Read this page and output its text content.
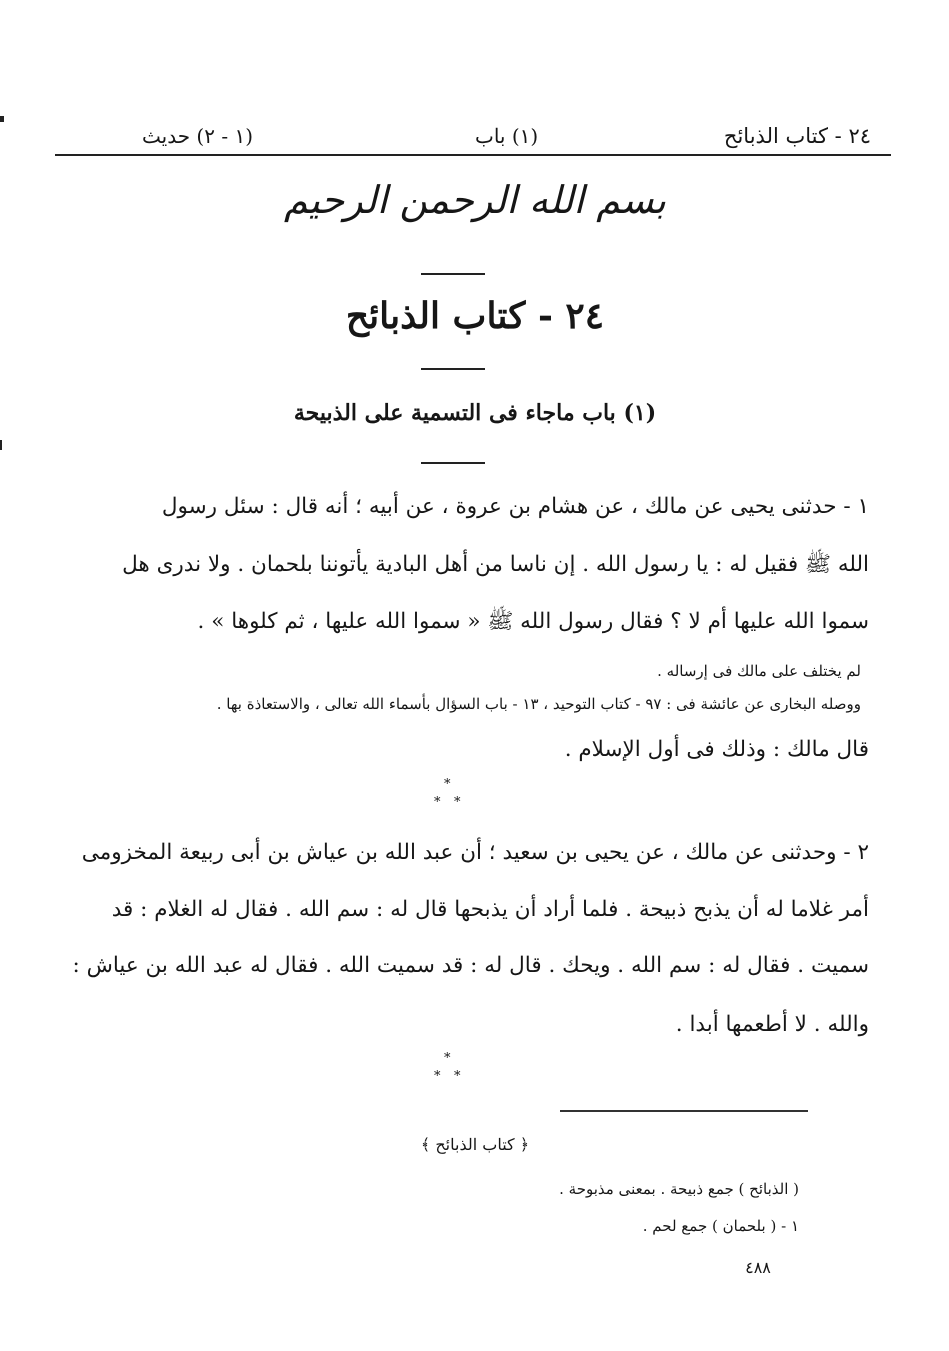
٢٤ - كتاب الذبائح
(١) باب
(١ - ٢) حديث
بسم الله الرحمن الرحيم
٢٤ - كتاب الذبائح
(١) باب ماجاء فى التسمية على الذبيحة
١ - حدثنى يحيى عن مالك ، عن هشام بن عروة ، عن أبيه ؛ أنه قال : سئل رسول
الله ﷺ فقيل له : يا رسول الله . إن ناسا من أهل البادية يأتوننا بلحمان . ولا ندرى هل
سموا الله عليها أم لا ؟ فقال رسول الله ﷺ « سموا الله عليها ، ثم كلوها » .
لم يختلف على مالك فى إرساله .
ووصله البخارى عن عائشة فى : ٩٧ - كتاب التوحيد ، ١٣ - باب السؤال بأسماء الله تعالى ، والاستعاذة بها .
قال مالك : وذلك فى أول الإسلام .
*
* *
٢ - وحدثنى عن مالك ، عن يحيى بن سعيد ؛ أن عبد الله بن عياش بن أبى ربيعة المخزومى
أمر غلاما له أن يذبح ذبيحة . فلما أراد أن يذبحها قال له : سم الله . فقال له الغلام : قد
سميت . فقال له : سم الله . ويحك . قال له : قد سميت الله . فقال له عبد الله بن عياش :
والله . لا أطعمها أبدا .
*
* *
﴿ كتاب الذبائح ﴾
( الذبائح ) جمع ذبيحة . بمعنى مذبوحة .
١ - ( بلحمان ) جمع لحم .
٤٨٨
